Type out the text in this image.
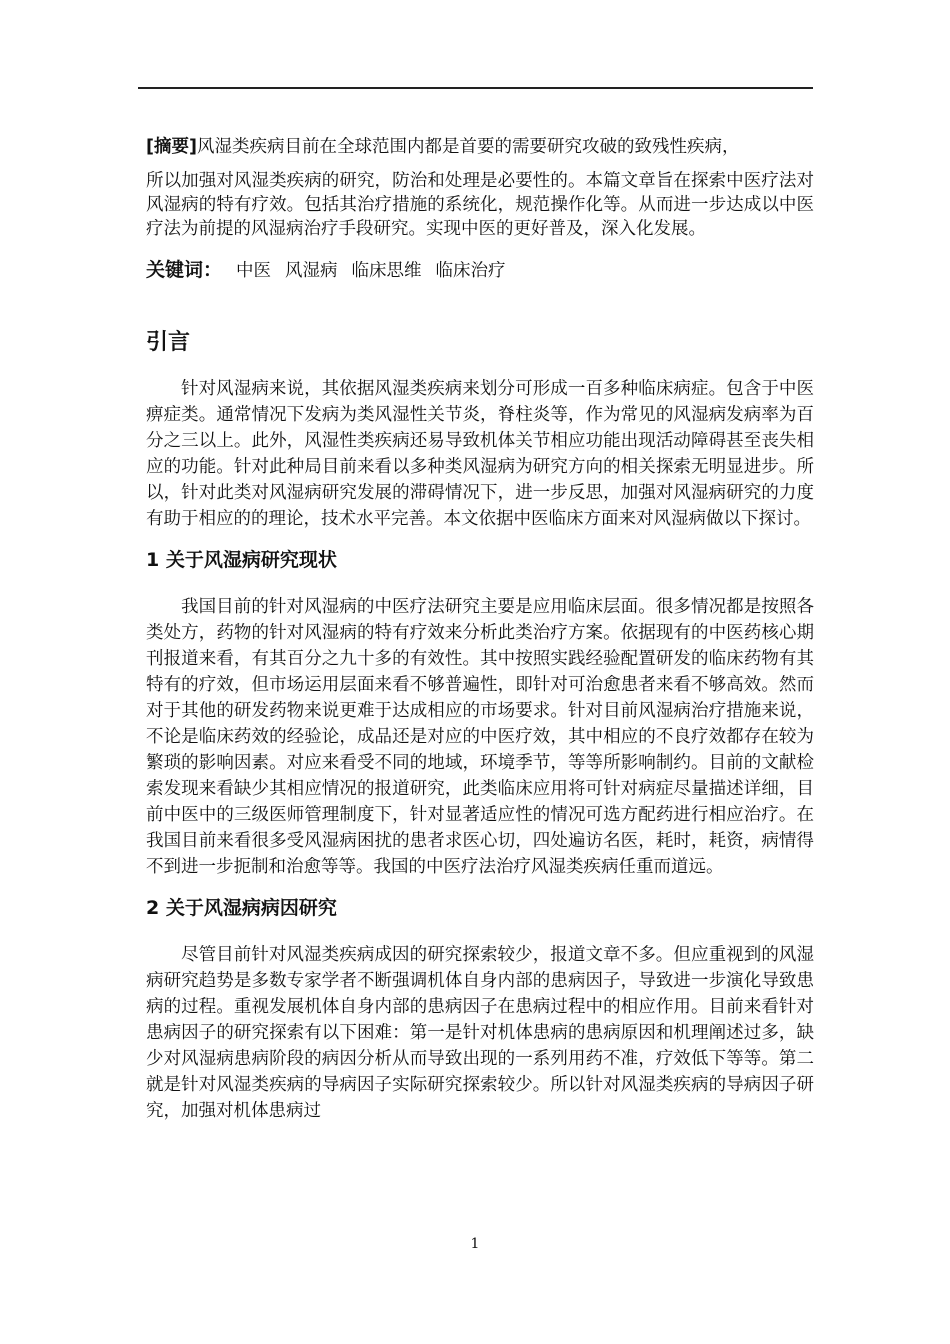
[摘要]风湿类疾病目前在全球范围内都是首要的需要研究攻破的致残性疾病，
所以加强对风湿类疾病的研究，防治和处理是必要性的。本篇文章旨在探索中医疗法对风湿病的特有疗效。包括其治疗措施的系统化，规范操作化等。从而进一步达成以中医疗法为前提的风湿病治疗手段研究。实现中医的更好普及，深入化发展。

关键词： 中医 风湿病 临床思维 临床治疗
引言

针对风湿病来说，其依据风湿类疾病来划分可形成一百多种临床病症。包含于中医痹症类。通常情况下发病为类风湿性关节炎，脊柱炎等，作为常见的风湿病发病率为百分之三以上。此外，风湿性类疾病还易导致机体关节相应功能出现活动障碍甚至丧失相应的功能。针对此种局目前来看以多种类风湿病为研究方向的相关探索无明显进步。所以，针对此类对风湿病研究发展的滞碍情况下，进一步反思，加强对风湿病研究的力度有助于相应的的理论，技术水平完善。本文依据中医临床方面来对风湿病做以下探讨。

1 关于风湿病研究现状

我国目前的针对风湿病的中医疗法研究主要是应用临床层面。很多情况都是按照各类处方，药物的针对风湿病的特有疗效来分析此类治疗方案。依据现有的中医药核心期刊报道来看，有其百分之九十多的有效性。其中按照实践经验配置研发的临床药物有其特有的疗效，但市场运用层面来看不够普遍性，即针对可治愈患者来看不够高效。然而对于其他的研发药物来说更难于达成相应的市场要求。针对目前风湿病治疗措施来说，不论是临床药效的经验论，成品还是对应的中医疗效，其中相应的不良疗效都存在较为繁琐的影响因素。对应来看受不同的地域，环境季节，等等所影响制约。目前的文献检索发现来看缺少其相应情况的报道研究，此类临床应用将可针对病症尽量描述详细，目前中医中的三级医师管理制度下，针对显著适应性的情况可选方配药进行相应治疗。在我国目前来看很多受风湿病困扰的患者求医心切，四处遍访名医，耗时，耗资，病情得不到进一步扼制和治愈等等。我国的中医疗法治疗风湿类疾病任重而道远。

2 关于风湿病病因研究

尽管目前针对风湿类疾病成因的研究探索较少，报道文章不多。但应重视到的风湿病研究趋势是多数专家学者不断强调机体自身内部的患病因子，导致进一步演化导致患病的过程。重视发展机体自身内部的患病因子在患病过程中的相应作用。目前来看针对患病因子的研究探索有以下困难：第一是针对机体患病的患病原因和机理阐述过多，缺少对风湿病患病阶段的病因分析从而导致出现的一系列用药不准，疗效低下等等。第二就是针对风湿类疾病的导病因子实际研究探索较少。所以针对风湿类疾病的导病因子研究，加强对机体患病过

1
